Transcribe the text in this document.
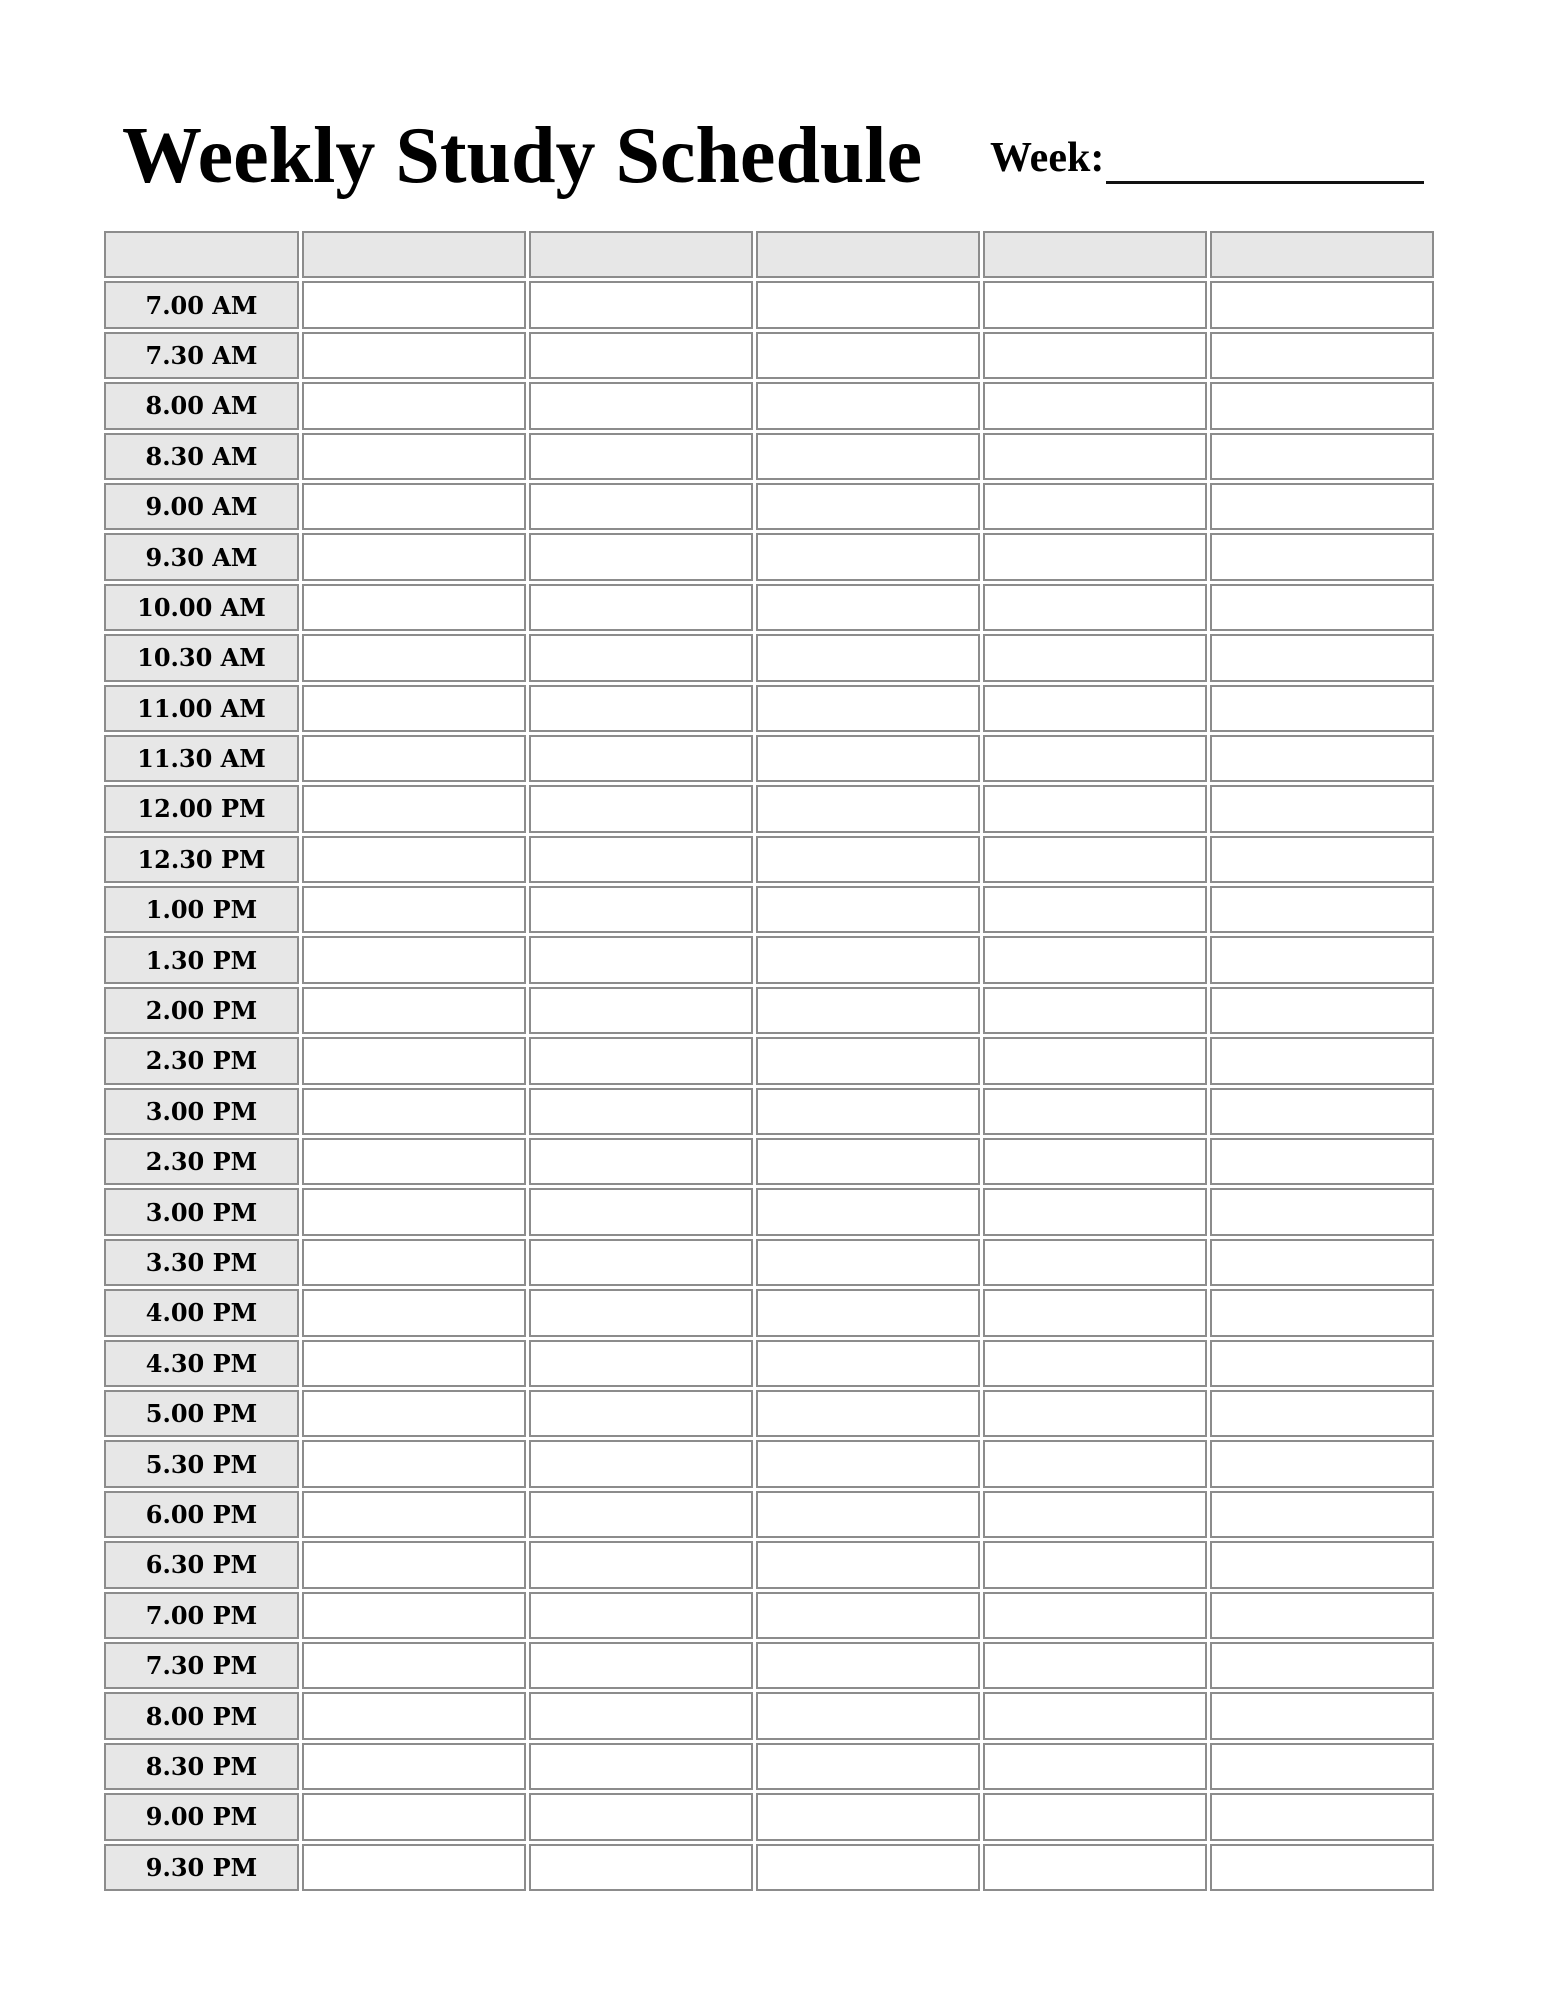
Weekly Study Schedule Week:
7.00 AM
7.30 AM
8.00 AM
8.30 AM
9.00 AM
9.30 AM
10.00 AM
10.30 AM
11.00 AM
11.30 AM
12.00 PM
12.30 PM
1.00 PM
1.30 PM
2.00 PM
2.30 PM
3.00 PM
2.30 PM
3.00 PM
3.30 PM
4.00 PM
4.30 PM
5.00 PM
5.30 PM
6.00 PM
6.30 PM
7.00 PM
7.30 PM
8.00 PM
8.30 PM
9.00 PM
9.30 PM
